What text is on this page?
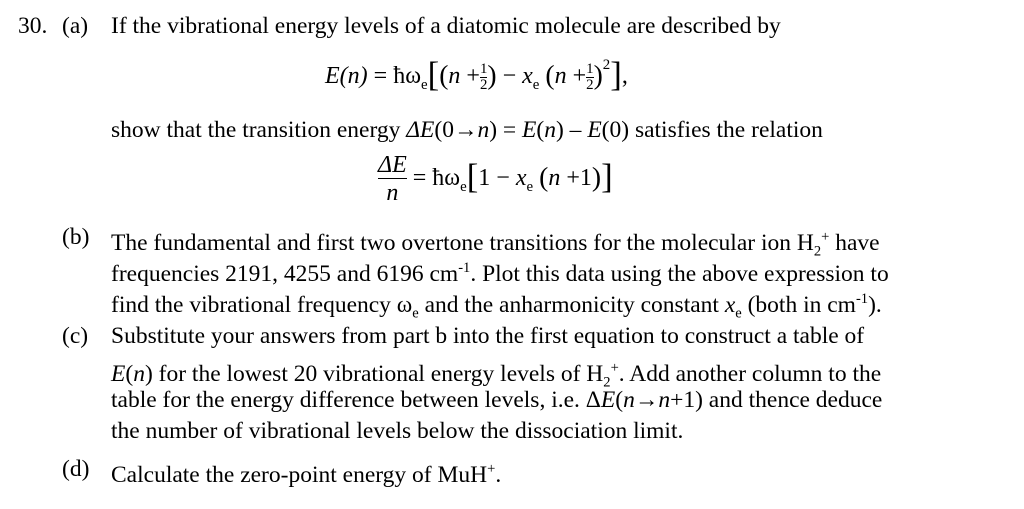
30. (a) If the vibrational energy levels of a diatomic molecule are described by
$E(n) = ħ\omega_e[(n + \frac{1}{2}$ ) − $x_e$ $(n + \frac{1}{2} )^2$],
show that the transition energy ΔE(0→n) = E(n) – E(0) satisfies the relation
$\frac{\Delta E}{n}$ = $ħ\omega_e[1 - x_e$ (n +1)]
(b) The fundamental and first two overtone transitions for the molecular ion $H_2^+$ have
frequencies 2191, 4255 and 6196 $cm^{-1}$. Plot this data using the above expression to
find the vibrational frequency $\omega_e$ and the anharmonicity constant $x_e$ (both in $cm^{-1}$).
(c) Substitute your answers from part b into the first equation to construct a table of
E(n) for the lowest 20 vibrational energy levels of $H_2^+$. Add another column to the
table for the energy difference between levels, i.e. ΔE(n→n+1) and thence deduce
the number of vibrational levels below the dissociation limit.
(d) Calculate the zero-point energy of MuH+.
